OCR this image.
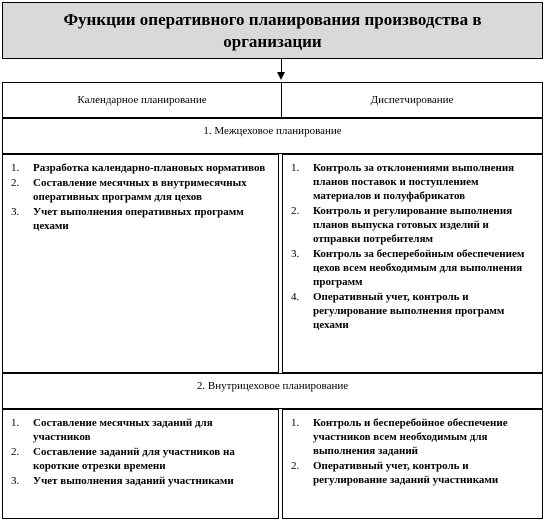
Функции оперативного планирования производства в организации
Календарное планирование	Диспетчирование
1. Межцеховое планирование
1.	Разработка календарно-плановых нормативов
2.	Составление месячных в внутримесячных оперативных программ для цехов
3.	Учет выполнения оперативных программ цехами
1.	Контроль за отклонениями выполнения планов поставок и поступлением материалов и полуфабрикатов
2.	Контроль и регулирование выполнения планов выпуска готовых изделий и отправки потребителям
3.	Контроль за бесперебойным обеспечением цехов всем необходимым для выполнения программ
4.	Оперативный учет, контроль и регулирование выполнения программ цехами
2. Внутрицеховое планирование
1.	Составление месячных заданий для участников
2.	Составление заданий для участников на короткие отрезки времени
3.	Учет выполнения заданий участниками
1.	Контроль и бесперебойное обеспечение участников всем необходимым для выполнения заданий
2.	Оперативный учет, контроль и регулирование заданий участниками
